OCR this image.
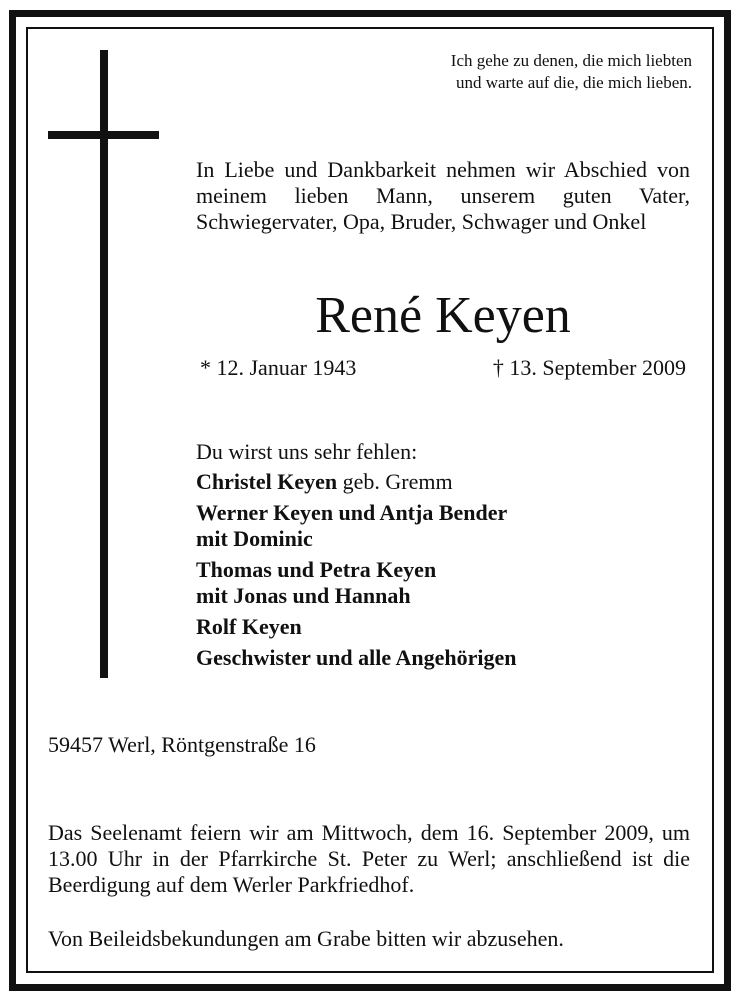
Ich gehe zu denen, die mich liebten
und warte auf die, die mich lieben.
In Liebe und Dankbarkeit nehmen wir Abschied von meinem lieben Mann, unserem guten Vater, Schwiegervater, Opa, Bruder, Schwager und Onkel
René Keyen
* 12. Januar 1943	† 13. September 2009
Du wirst uns sehr fehlen:
Christel Keyen geb. Gremm
Werner Keyen und Antja Bender
mit Dominic
Thomas und Petra Keyen
mit Jonas und Hannah
Rolf Keyen
Geschwister und alle Angehörigen
59457 Werl, Röntgenstraße 16
Das Seelenamt feiern wir am Mittwoch, dem 16. September 2009, um 13.00 Uhr in der Pfarrkirche St. Peter zu Werl; anschließend ist die Beerdigung auf dem Werler Parkfriedhof.
Von Beileidsbekundungen am Grabe bitten wir abzusehen.
